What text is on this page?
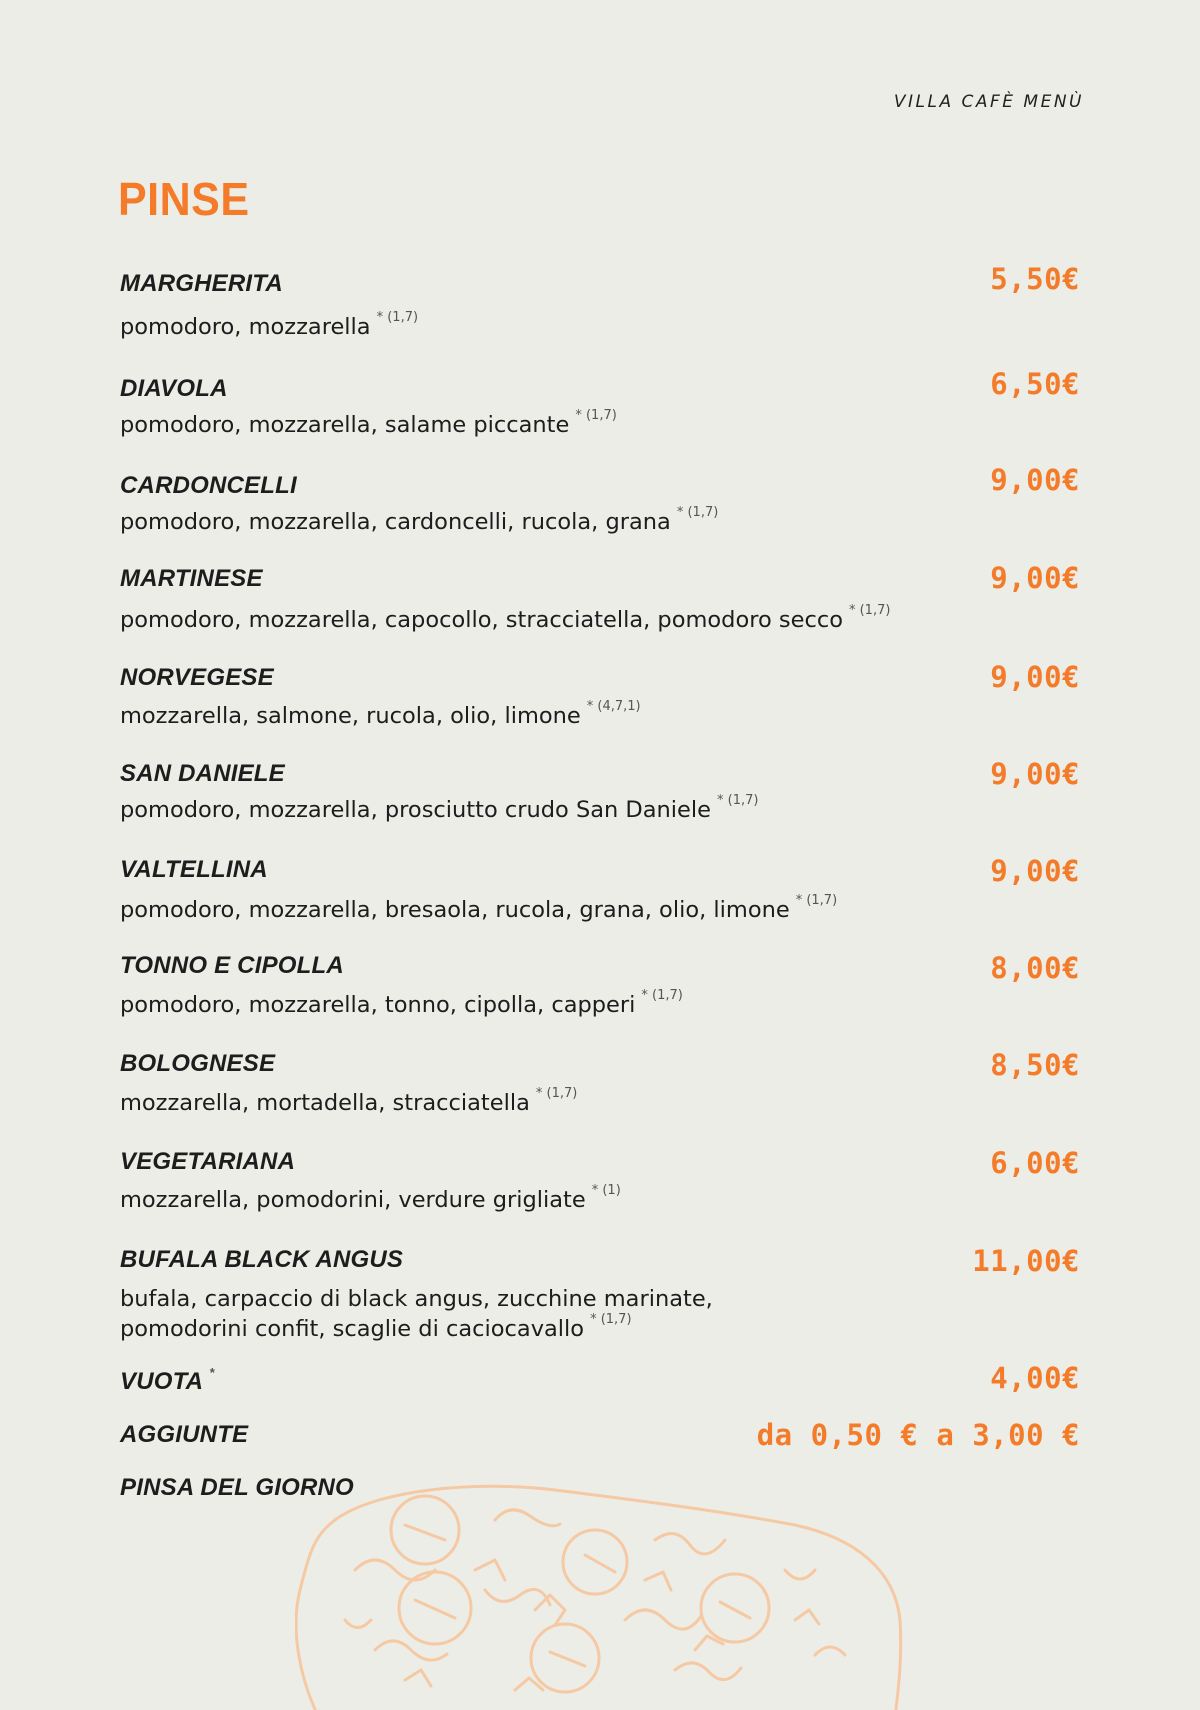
VILLA CAFÈ MENÙ
PINSE
MARGHERITA	5,50€
pomodoro, mozzarella $^{* (1,7)}$
DIAVOLA	6,50€
pomodoro, mozzarella, salame piccante $^{* (1,7)}$
CARDONCELLI	9,00€
pomodoro, mozzarella, cardoncelli, rucola, grana $^{* (1,7)}$
MARTINESE	9,00€
pomodoro, mozzarella, capocollo, stracciatella, pomodoro secco $^{* (1,7)}$
NORVEGESE	9,00€
mozzarella, salmone, rucola, olio, limone $^{* (4,7,1)}$
SAN DANIELE	9,00€
pomodoro, mozzarella, prosciutto crudo San Daniele $^{* (1,7)}$
VALTELLINA	9,00€
pomodoro, mozzarella, bresaola, rucola, grana, olio, limone $^{* (1,7)}$
TONNO E CIPOLLA	8,00€
pomodoro, mozzarella, tonno, cipolla, capperi $^{* (1,7)}$
BOLOGNESE	8,50€
mozzarella, mortadella, stracciatella $^{* (1,7)}$
VEGETARIANA	6,00€
mozzarella, pomodorini, verdure grigliate $^{* (1)}$
BUFALA BLACK ANGUS	11,00€
bufala, carpaccio di black angus, zucchine marinate,
pomodorini confit, scaglie di caciocavallo $^{* (1,7)}$
VUOTA *	4,00€
AGGIUNTE	da 0,50 € a 3,00 €
PINSA DEL GIORNO
